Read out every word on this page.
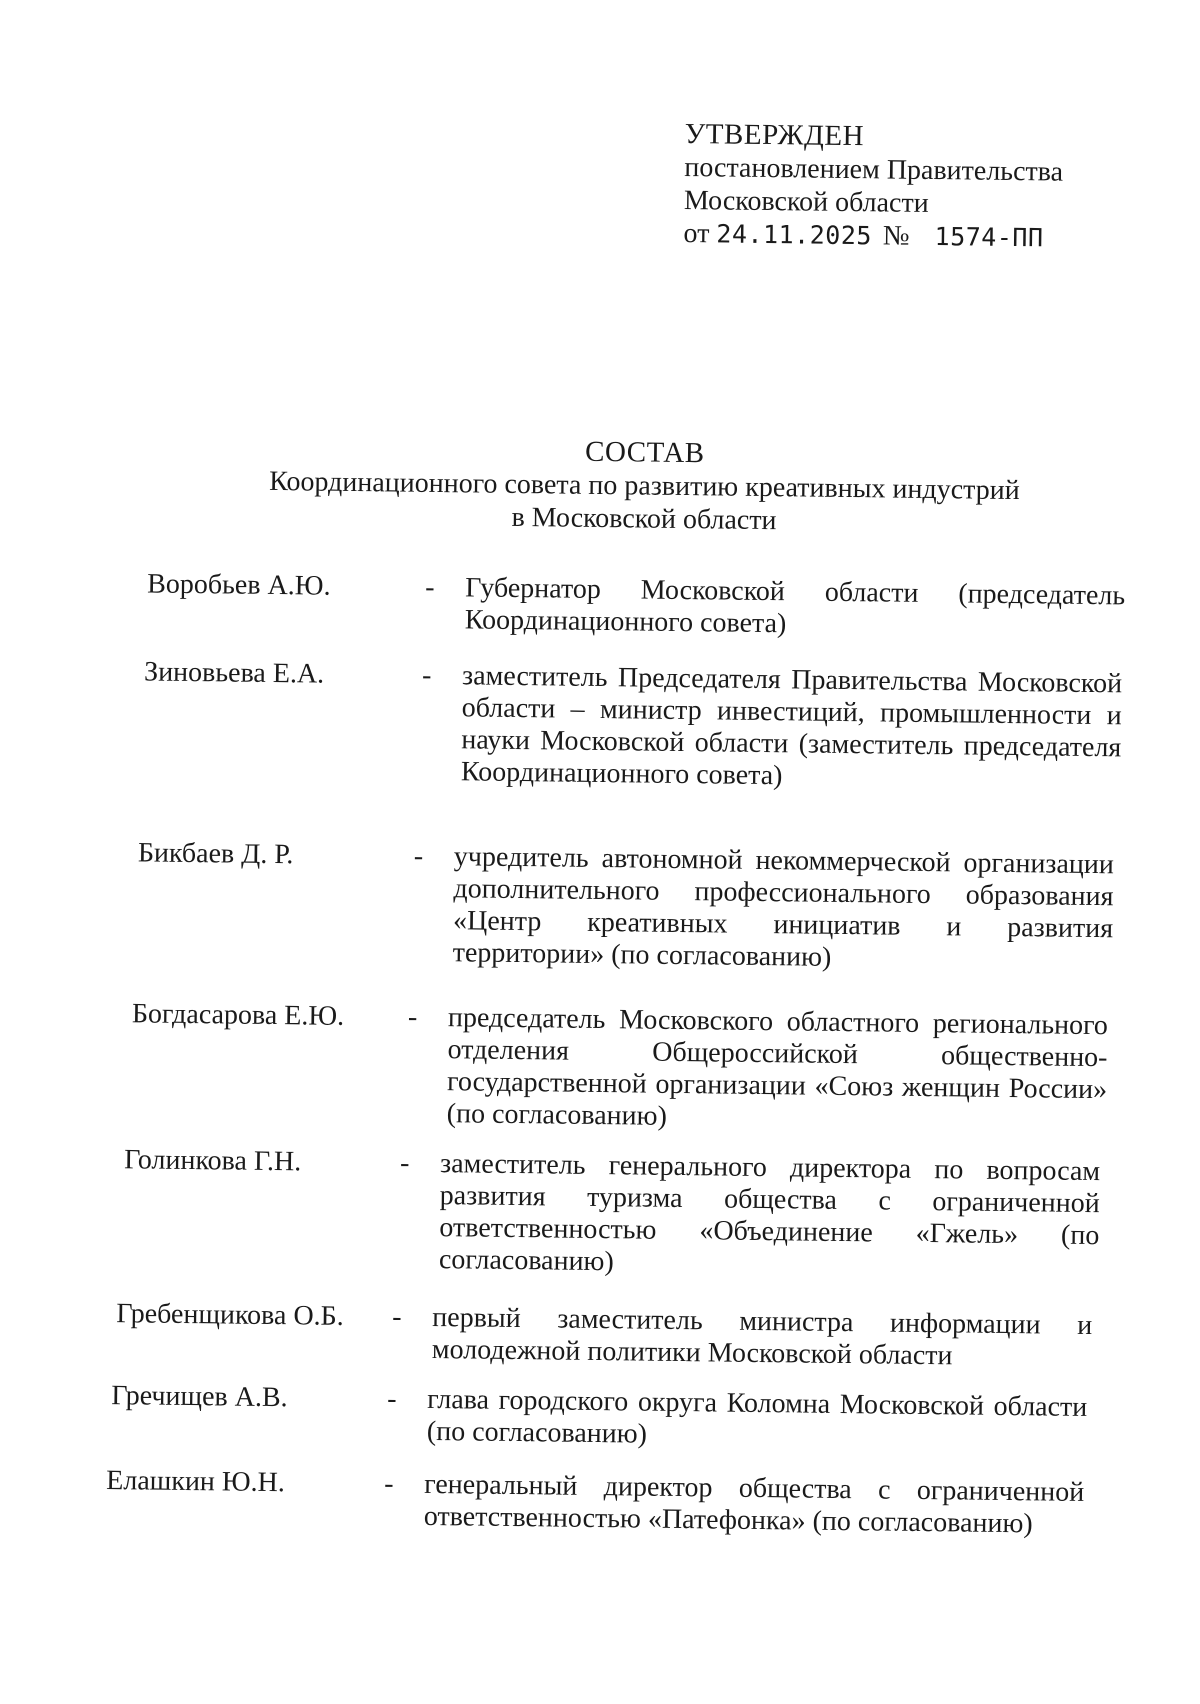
УТВЕРЖДЕН
постановлением Правительства
Московской области
от 24.11.2025 № 1574-ПП
СОСТАВ
Координационного совета по развитию креативных индустрий
в Московской области
Воробьев А.Ю.	- Губернатор Московской области (председатель Координационного совета)
Зиновьева Е.А.	- заместитель Председателя Правительства Московской области – министр инвестиций, промышленности и науки Московской области (заместитель председателя Координационного совета)
Бикбаев Д. Р.	- учредитель автономной некоммерческой организации дополнительного профессионального образования «Центр креативных инициатив и развития территории» (по согласованию)
Богдасарова Е.Ю. - председатель Московского областного регионального отделения Общероссийской общественно-государственной организации «Союз женщин России» (по согласованию)
Голинкова Г.Н.	- заместитель генерального директора по вопросам развития туризма общества с ограниченной ответственностью «Объединение «Гжель» (по согласованию)
Гребенщикова О.Б. - первый заместитель министра информации и молодежной политики Московской области
Гречищев А.В.	- глава городского округа Коломна Московской области (по согласованию)
Елашкин Ю.Н.	- генеральный директор общества с ограниченной ответственностью «Патефонка» (по согласованию)
